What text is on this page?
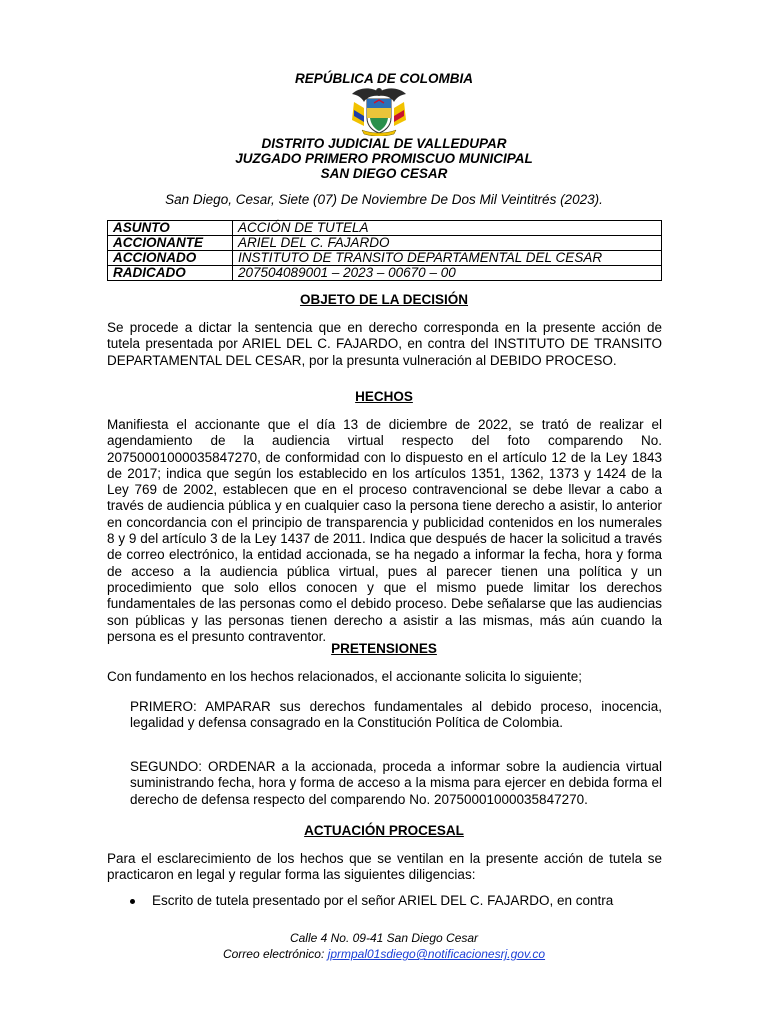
REPÚBLICA DE COLOMBIA
DISTRITO JUDICIAL DE VALLEDUPAR
JUZGADO PRIMERO PROMISCUO MUNICIPAL
SAN DIEGO CESAR
San Diego, Cesar, Siete (07) De Noviembre De Dos Mil Veintitrés (2023).
ASUNTO	ACCIÓN DE TUTELA
ACCIONANTE	ARIEL DEL C. FAJARDO
ACCIONADO	INSTITUTO DE TRANSITO DEPARTAMENTAL DEL CESAR
RADICADO	207504089001 – 2023 – 00670 – 00
OBJETO DE LA DECISIÓN
Se procede a dictar la sentencia que en derecho corresponda en la presente acción de tutela presentada por ARIEL DEL C. FAJARDO, en contra del INSTITUTO DE TRANSITO DEPARTAMENTAL DEL CESAR, por la presunta vulneración al DEBIDO PROCESO.
HECHOS
Manifiesta el accionante que el día 13 de diciembre de 2022, se trató de realizar el agendamiento de la audiencia virtual respecto del foto comparendo No. 20750001000035847270, de conformidad con lo dispuesto en el artículo 12 de la Ley 1843 de 2017; indica que según los establecido en los artículos 1351, 1362, 1373 y 1424 de la Ley 769 de 2002, establecen que en el proceso contravencional se debe llevar a cabo a través de audiencia pública y en cualquier caso la persona tiene derecho a asistir, lo anterior en concordancia con el principio de transparencia y publicidad contenidos en los numerales 8 y 9 del artículo 3 de la Ley 1437 de 2011. Indica que después de hacer la solicitud a través de correo electrónico, la entidad accionada, se ha negado a informar la fecha, hora y forma de acceso a la audiencia pública virtual, pues al parecer tienen una política y un procedimiento que solo ellos conocen y que el mismo puede limitar los derechos fundamentales de las personas como el debido proceso. Debe señalarse que las audiencias son públicas y las personas tienen derecho a asistir a las mismas, más aún cuando la persona es el presunto contraventor.
PRETENSIONES
Con fundamento en los hechos relacionados, el accionante solicita lo siguiente;
PRIMERO: AMPARAR sus derechos fundamentales al debido proceso, inocencia, legalidad y defensa consagrado en la Constitución Política de Colombia.
SEGUNDO: ORDENAR a la accionada, proceda a informar sobre la audiencia virtual suministrando fecha, hora y forma de acceso a la misma para ejercer en debida forma el derecho de defensa respecto del comparendo No. 20750001000035847270.
ACTUACIÓN PROCESAL
Para el esclarecimiento de los hechos que se ventilan en la presente acción de tutela se practicaron en legal y regular forma las siguientes diligencias:
Escrito de tutela presentado por el señor ARIEL DEL C. FAJARDO, en contra
Calle 4 No. 09-41 San Diego Cesar
Correo electrónico: jprmpal01sdiego@notificacionesrj.gov.co
